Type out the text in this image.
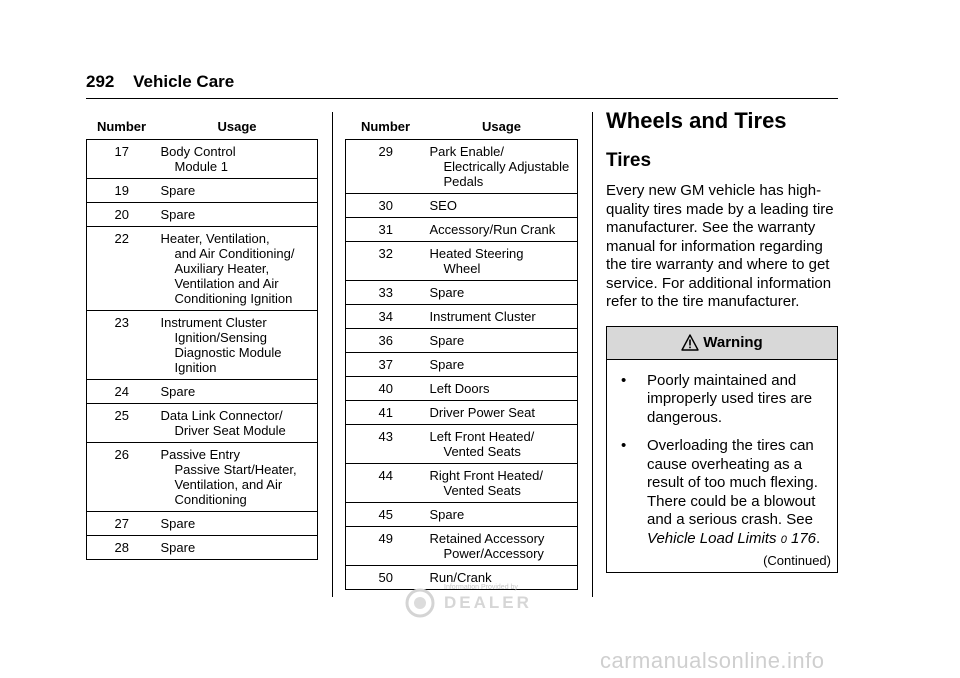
292 Vehicle Care
Number	Usage
17	Body Control
Module 1

19	Spare

20	Spare

22	Heater, Ventilation,
and Air Conditioning/
Auxiliary Heater,
Ventilation and Air
Conditioning Ignition

23	Instrument Cluster
Ignition/Sensing
Diagnostic Module
Ignition

24	Spare

25	Data Link Connector/
Driver Seat Module

26	Passive Entry
Passive Start/Heater,
Ventilation, and Air
Conditioning

27	Spare

28	Spare
Number	Usage
29	Park Enable/
Electrically Adjustable
Pedals

30	SEO

31	Accessory/Run Crank

32	Heated Steering
Wheel

33	Spare

34	Instrument Cluster

36	Spare

37	Spare

40	Left Doors

41	Driver Power Seat

43	Left Front Heated/
Vented Seats

44	Right Front Heated/
Vented Seats

45	Spare

49	Retained Accessory
Power/Accessory

50	Run/Crank
Wheels and Tires
Tires

Every new GM vehicle has high-quality tires made by a leading tire manufacturer. See the warranty manual for information regarding the tire warranty and where to get service. For additional information refer to the tire manufacturer.

Warning
• Poorly maintained and improperly used tires are dangerous.
• Overloading the tires can cause overheating as a result of too much flexing. There could be a blowout and a serious crash. See Vehicle Load Limits 0 176.
(Continued)
Information Provided by
DEALER
carmanualsonline.info
